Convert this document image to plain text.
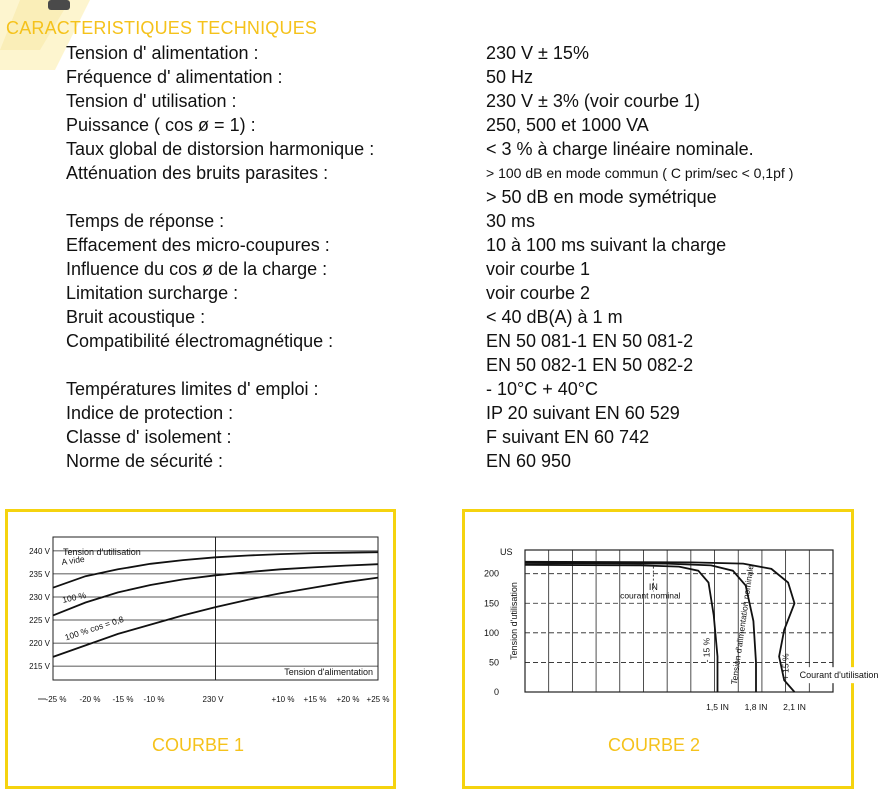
CARACTERISTIQUES TECHNIQUES
Tension d' alimentation :	230 V ± 15%
Fréquence d' alimentation :	50 Hz
Tension d' utilisation :	230 V ± 3% (voir courbe 1)
Puissance ( cos ø = 1) :	250, 500 et 1000 VA
Taux global de distorsion harmonique :	< 3 % à charge linéaire nominale.
Atténuation des bruits parasites :	> 100 dB en mode commun ( C prim/sec < 0,1pf )
> 50 dB en mode symétrique
Temps de réponse :	30 ms
Effacement des micro-coupures :	10 à 100 ms suivant la charge
Influence du cos ø de la charge :	voir courbe 1
Limitation surcharge :	voir courbe 2
Bruit acoustique :	< 40 dB(A) à 1 m
Compatibilité électromagnétique :	EN 50 081-1 EN 50 081-2
EN 50 082-1 EN 50 082-2
Températures limites d' emploi :	- 10°C + 40°C
Indice de protection :	IP 20 suivant EN 60 529
Classe d' isolement :	F suivant EN 60 742
Norme de sécurité :	EN 60 950
240 V
235 V
230 V
225 V
220 V
215 V
Tension d'utilisation
Tension d'alimentation
A vide
100 %
100 % cos = 0,8
-25 % -20 % -15 % -10 %	230 V	+10 % +15 % +20 % +25 %
COURBE 1
US
200
150
100
50
0
Tension d'utilisation	IN
courant nominal
- 15 % Tension d'alimentation nominale	+ 15 % Courant d'utilisation
1,5 IN 1,8 IN 2,1 IN
COURBE 2
